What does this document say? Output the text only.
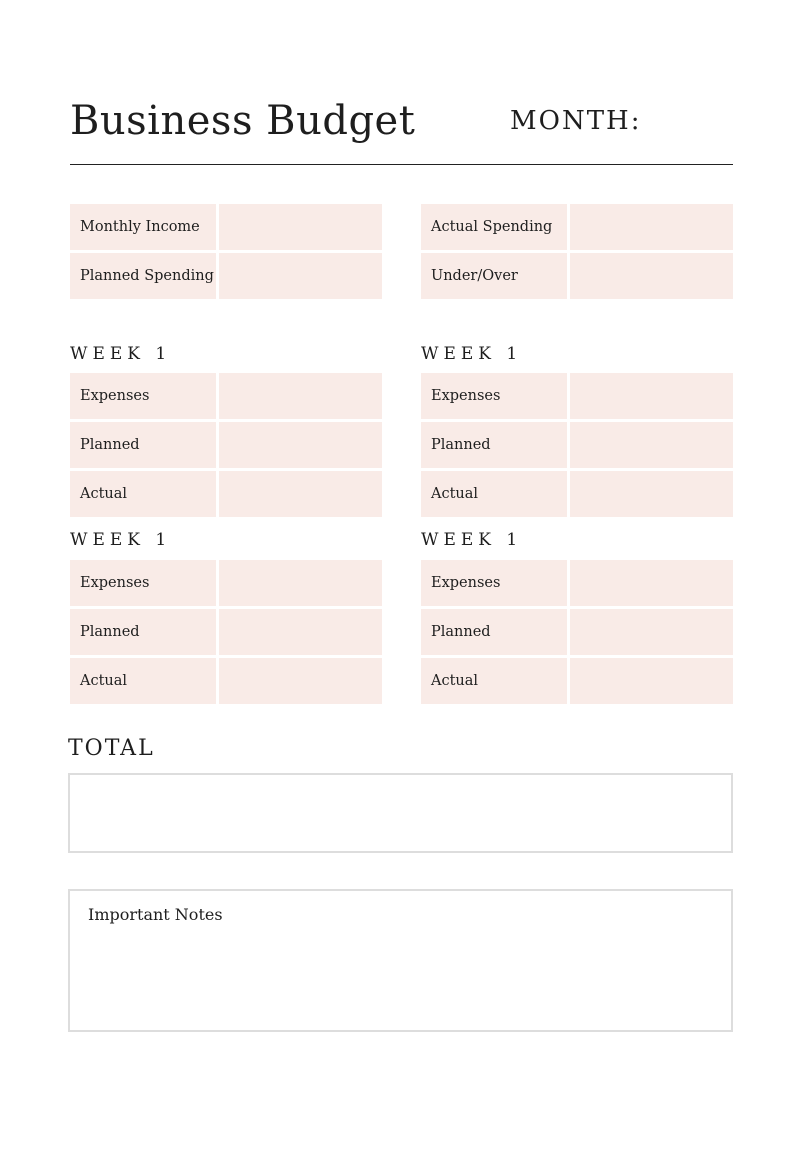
Business Budget	MONTH:
Monthly Income
Planned Spending
Actual Spending
Under/Over
WEEK 1
Expenses
Planned
Actual
WEEK 1
Expenses
Planned
Actual
WEEK 1
Expenses
Planned
Actual
WEEK 1
Expenses
Planned
Actual
TOTAL
Important Notes
